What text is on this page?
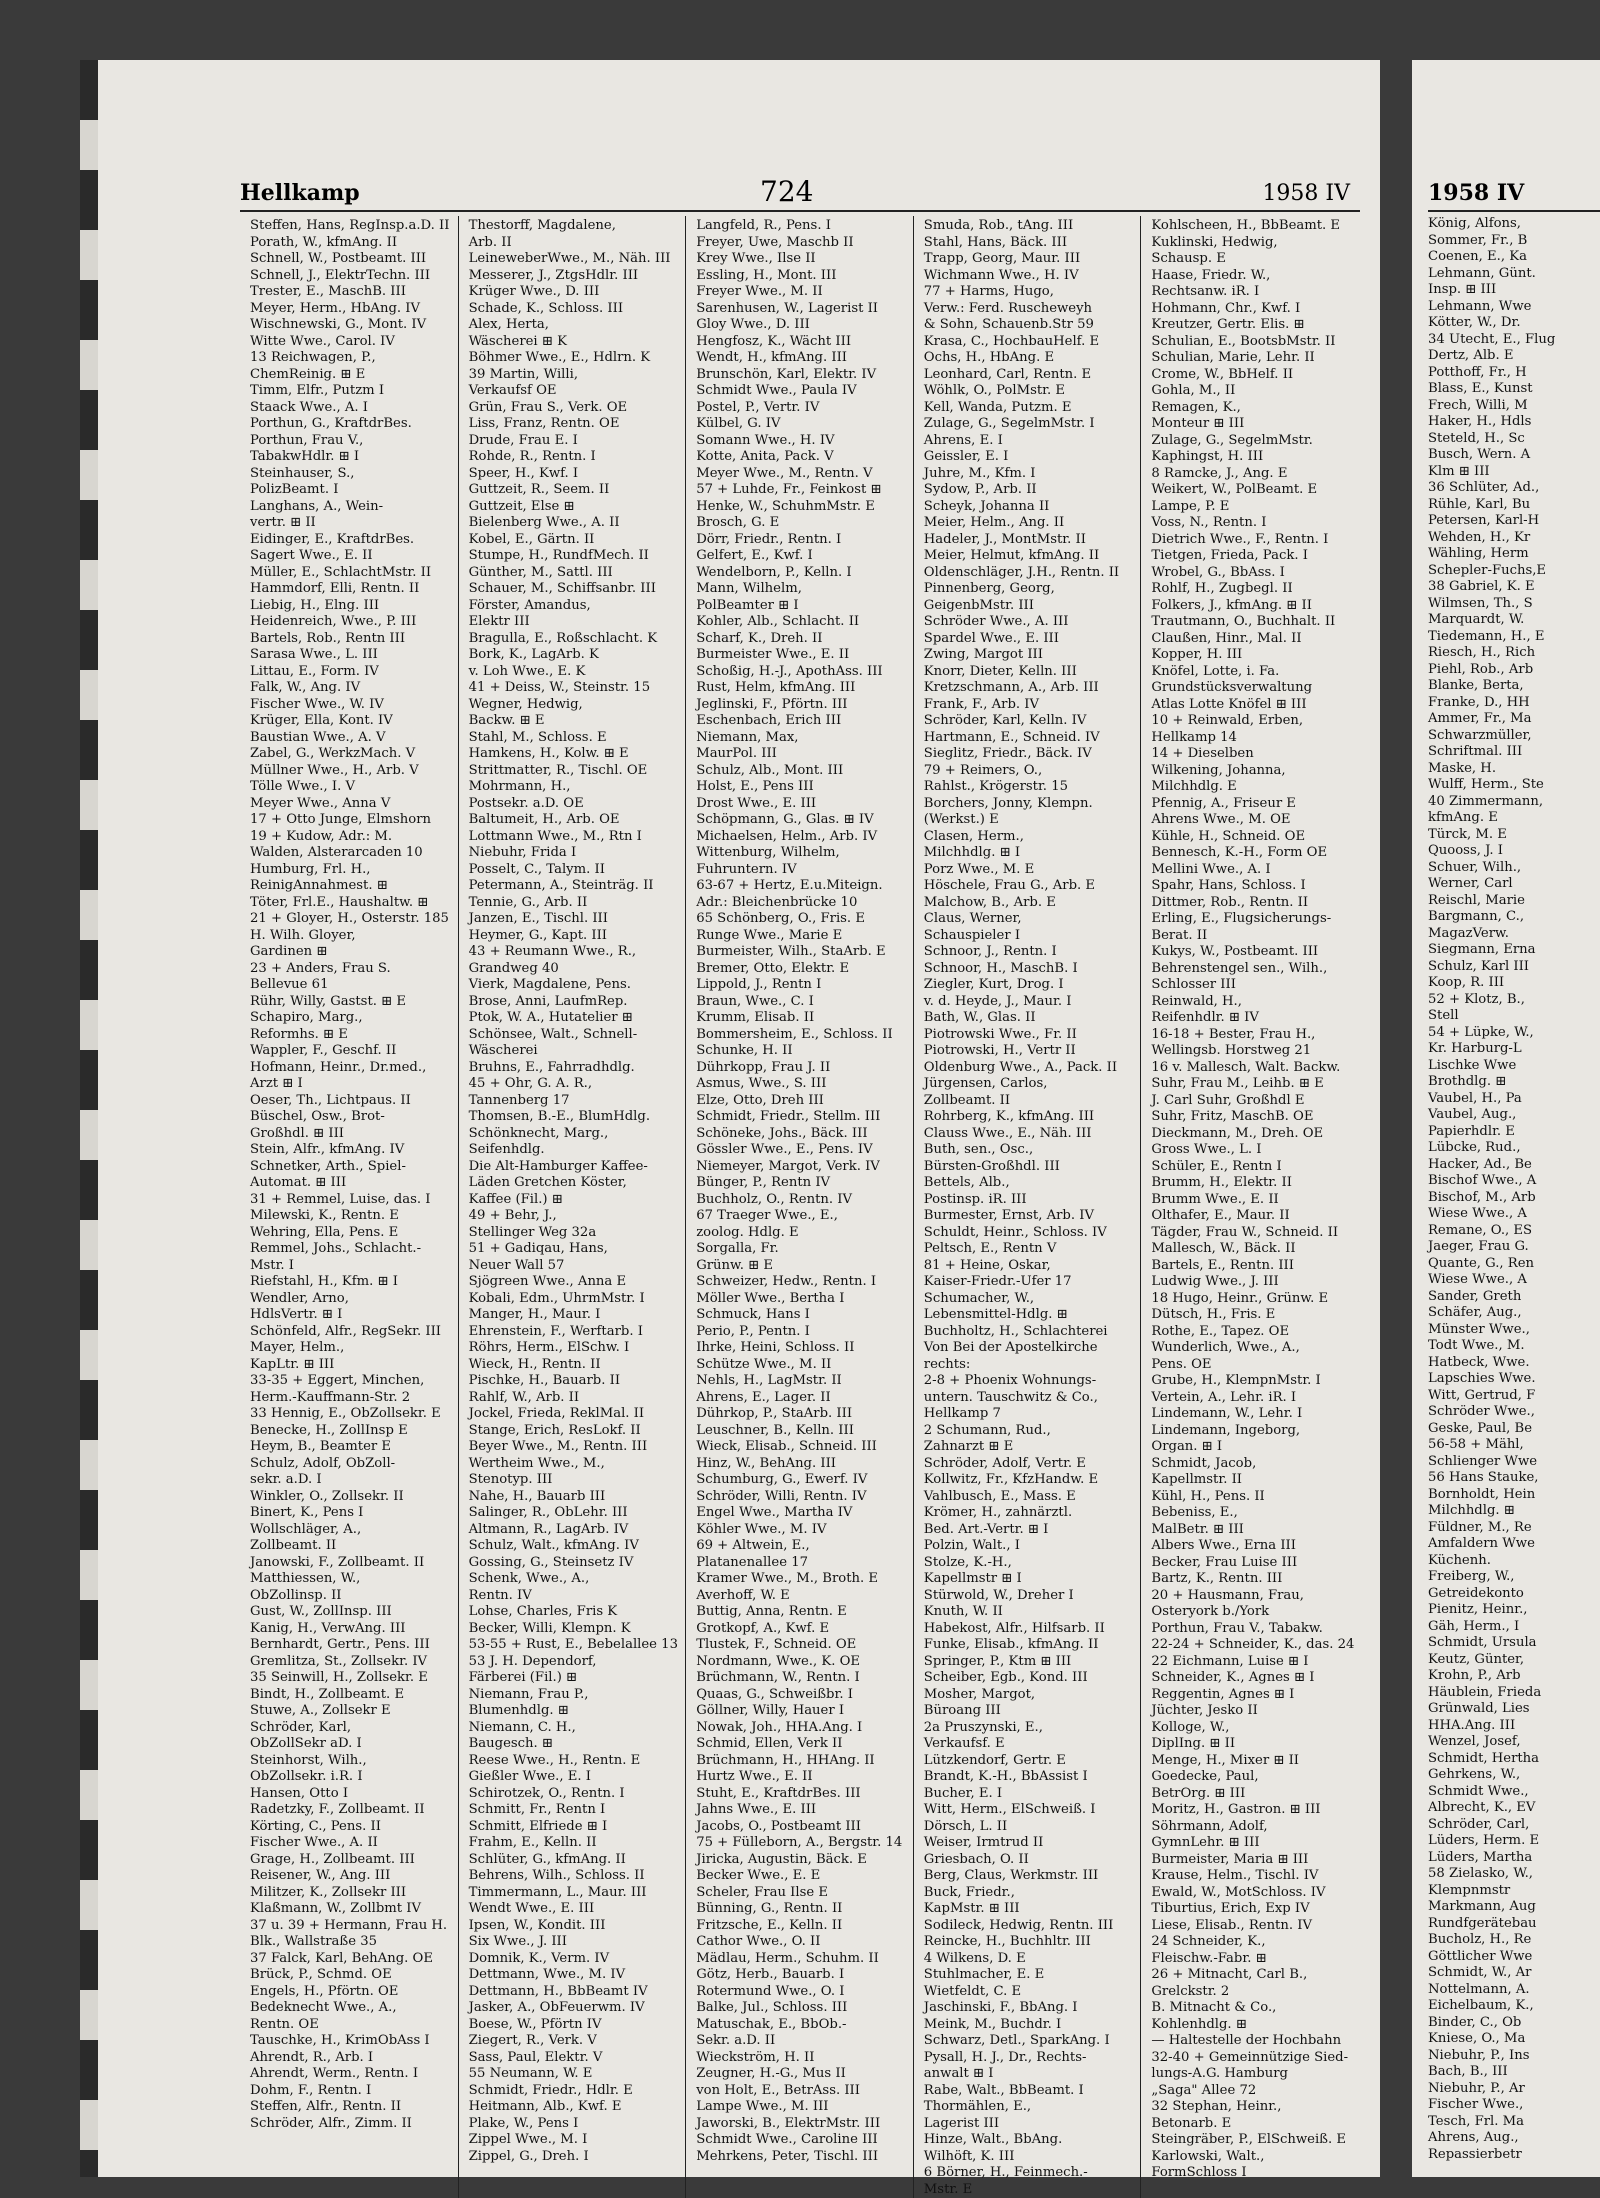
Hellkamp	724	1958 IV
Steffen, Hans, RegInsp.a.D. II
Porath, W., kfmAng. II
Schnell, W., Postbeamt. III
Schnell, J., ElektrTechn. III
Trester, E., MaschB. III
Meyer, Herm., HbAng. IV
Wischnewski, G., Mont. IV
Witte Wwe., Carol. IV
13 Reichwagen, P.,
ChemReinig. ⊞ E
Timm, Elfr., Putzm I
Staack Wwe., A. I
Porthun, G., KraftdrBes.
Porthun, Frau V.,
TabakwHdlr. ⊞ I
Steinhauser, S.,
PolizBeamt. I
Langhans, A., Wein-
vertr. ⊞ II
Eidinger, E., KraftdrBes.
Sagert Wwe., E. II
Müller, E., SchlachtMstr. II
Hammdorf, Elli, Rentn. II
Liebig, H., Elng. III
Heidenreich, Wwe., P. III
Bartels, Rob., Rentn III
Sarasa Wwe., L. III
Littau, E., Form. IV
Falk, W., Ang. IV
Fischer Wwe., W. IV
Krüger, Ella, Kont. IV
Baustian Wwe., A. V
Zabel, G., WerkzMach. V
Müllner Wwe., H., Arb. V
Tölle Wwe., I. V
Meyer Wwe., Anna V
17 + Otto Junge, Elmshorn
19 + Kudow, Adr.: M.
Walden, Alsterarcaden 10
Humburg, Frl. H.,
ReinigAnnahmest. ⊞
Töter, Frl.E., Haushaltw. ⊞
21 + Gloyer, H., Osterstr. 185
H. Wilh. Gloyer,
Gardinen ⊞
23 + Anders, Frau S.
Bellevue 61
Rühr, Willy, Gastst. ⊞ E
Schapiro, Marg.,
Reformhs. ⊞ E
Wappler, F., Geschf. II
Hofmann, Heinr., Dr.med.,
Arzt ⊞ I
Oeser, Th., Lichtpaus. II
Büschel, Osw., Brot-
Großhdl. ⊞ III
Stein, Alfr., kfmAng. IV
Schnetker, Arth., Spiel-
Automat. ⊞ III
31 + Remmel, Luise, das. I
Milewski, K., Rentn. E
Wehring, Ella, Pens. E
Remmel, Johs., Schlacht.-
Mstr. I
Riefstahl, H., Kfm. ⊞ I
Wendler, Arno,
HdlsVertr. ⊞ I
Schönfeld, Alfr., RegSekr. III
Mayer, Helm.,
KapLtr. ⊞ III
33-35 + Eggert, Minchen,
Herm.-Kauffmann-Str. 2
33 Hennig, E., ObZollsekr. E
Benecke, H., ZollInsp E
Heym, B., Beamter E
Schulz, Adolf, ObZoll-
sekr. a.D. I
Winkler, O., Zollsekr. II
Binert, K., Pens I
Wollschläger, A.,
Zollbeamt. II
Janowski, F., Zollbeamt. II
Matthiessen, W.,
ObZollinsp. II
Gust, W., ZollInsp. III
Kanig, H., VerwAng. III
Bernhardt, Gertr., Pens. III
Gremlitza, St., Zollsekr. IV
35 Seinwill, H., Zollsekr. E
Bindt, H., Zollbeamt. E
Stuwe, A., Zollsekr E
Schröder, Karl,
ObZollSekr aD. I
Steinhorst, Wilh.,
ObZollsekr. i.R. I
Hansen, Otto I
Radetzky, F., Zollbeamt. II
Körting, C., Pens. II
Fischer Wwe., A. II
Grage, H., Zollbeamt. III
Reisener, W., Ang. III
Militzer, K., Zollsekr III
Klaßmann, W., Zollbmt IV
37 u. 39 + Hermann, Frau H.
Blk., Wallstraße 35
37 Falck, Karl, BehAng. OE
Brück, P., Schmd. OE
Engels, H., Pförtn. OE
Bedeknecht Wwe., A.,
Rentn. OE
Tauschke, H., KrimObAss I
Ahrendt, R., Arb. I
Ahrendt, Werm., Rentn. I
Dohm, F., Rentn. I
Steffen, Alfr., Rentn. II
Schröder, Alfr., Zimm. II
Thestorff, Magdalene,
Arb. II
LeineweberWwe., M., Näh. III
Messerer, J., ZtgsHdlr. III
Krüger Wwe., D. III
Schade, K., Schloss. III
Alex, Herta,
Wäscherei ⊞ K
Böhmer Wwe., E., Hdlrn. K
39 Martin, Willi,
Verkaufsf OE
Grün, Frau S., Verk. OE
Liss, Franz, Rentn. OE
Drude, Frau E. I
Rohde, R., Rentn. I
Speer, H., Kwf. I
Guttzeit, R., Seem. II
Guttzeit, Else ⊞
Bielenberg Wwe., A. II
Kobel, E., Gärtn. II
Stumpe, H., RundfMech. II
Günther, M., Sattl. III
Schauer, M., Schiffsanbr. III
Förster, Amandus,
Elektr III
Bragulla, E., Roßschlacht. K
Bork, K., LagArb. K
v. Loh Wwe., E. K
41 + Deiss, W., Steinstr. 15
Wegner, Hedwig,
Backw. ⊞ E
Stahl, M., Schloss. E
Hamkens, H., Kolw. ⊞ E
Strittmatter, R., Tischl. OE
Mohrmann, H.,
Postsekr. a.D. OE
Baltumeit, H., Arb. OE
Lottmann Wwe., M., Rtn I
Niebuhr, Frida I
Posselt, C., Talym. II
Petermann, A., Steinträg. II
Tennie, G., Arb. II
Janzen, E., Tischl. III
Heymer, G., Kapt. III
43 + Reumann Wwe., R.,
Grandweg 40
Vierk, Magdalene, Pens.
Brose, Anni, LaufmRep.
Ptok, W. A., Hutatelier ⊞
Schönsee, Walt., Schnell-
Wäscherei
Bruhns, E., Fahrradhdlg.
45 + Ohr, G. A. R.,
Tannenberg 17
Thomsen, B.-E., BlumHdlg.
Schönknecht, Marg.,
Seifenhdlg.
Die Alt-Hamburger Kaffee-
Läden Gretchen Köster,
Kaffee (Fil.) ⊞
49 + Behr, J.,
Stellinger Weg 32a
51 + Gadiqau, Hans,
Neuer Wall 57
Sjögreen Wwe., Anna E
Kobali, Edm., UhrmMstr. I
Manger, H., Maur. I
Ehrenstein, F., Werftarb. I
Röhrs, Herm., ElSchw. I
Wieck, H., Rentn. II
Pischke, H., Bauarb. II
Rahlf, W., Arb. II
Jockel, Frieda, ReklMal. II
Stange, Erich, ResLokf. II
Beyer Wwe., M., Rentn. III
Wertheim Wwe., M.,
Stenotyp. III
Nahe, H., Bauarb III
Salinger, R., ObLehr. III
Altmann, R., LagArb. IV
Schulz, Walt., kfmAng. IV
Gossing, G., Steinsetz IV
Schenk, Wwe., A.,
Rentn. IV
Lohse, Charles, Fris K
Becker, Willi, Klempn. K
53-55 + Rust, E., Bebelallee 13
53 J. H. Dependorf,
Färberei (Fil.) ⊞
Niemann, Frau P.,
Blumenhdlg. ⊞
Niemann, C. H.,
Baugesch. ⊞
Reese Wwe., H., Rentn. E
Gießler Wwe., E. I
Schirotzek, O., Rentn. I
Schmitt, Fr., Rentn I
Schmitt, Elfriede ⊞ I
Frahm, E., Kelln. II
Schlüter, G., kfmAng. II
Behrens, Wilh., Schloss. II
Timmermann, L., Maur. III
Wendt Wwe., E. III
Ipsen, W., Kondit. III
Six Wwe., J. III
Domnik, K., Verm. IV
Dettmann, Wwe., M. IV
Dettmann, H., BbBeamt IV
Jasker, A., ObFeuerwm. IV
Boese, W., Pförtn IV
Ziegert, R., Verk. V
Sass, Paul, Elektr. V
55 Neumann, W. E
Schmidt, Friedr., Hdlr. E
Heitmann, Alb., Kwf. E
Plake, W., Pens I
Zippel Wwe., M. I
Zippel, G., Dreh. I
Langfeld, R., Pens. I
Freyer, Uwe, Maschb II
Krey Wwe., Ilse II
Essling, H., Mont. III
Freyer Wwe., M. II
Sarenhusen, W., Lagerist II
Gloy Wwe., D. III
Hengfosz, K., Wächt III
Wendt, H., kfmAng. III
Brunschön, Karl, Elektr. IV
Schmidt Wwe., Paula IV
Postel, P., Vertr. IV
Külbel, G. IV
Somann Wwe., H. IV
Kotte, Anita, Pack. V
Meyer Wwe., M., Rentn. V
57 + Luhde, Fr., Feinkost ⊞
Henke, W., SchuhmMstr. E
Brosch, G. E
Dörr, Friedr., Rentn. I
Gelfert, E., Kwf. I
Wendelborn, P., Kelln. I
Mann, Wilhelm,
PolBeamter ⊞ I
Kohler, Alb., Schlacht. II
Scharf, K., Dreh. II
Burmeister Wwe., E. II
Schoßig, H.-J., ApothAss. III
Rust, Helm, kfmAng. III
Jeglinski, F., Pförtn. III
Eschenbach, Erich III
Niemann, Max,
MaurPol. III
Schulz, Alb., Mont. III
Holst, E., Pens III
Drost Wwe., E. III
Schöpmann, G., Glas. ⊞ IV
Michaelsen, Helm., Arb. IV
Wittenburg, Wilhelm,
Fuhruntern. IV
63-67 + Hertz, E.u.Miteign.
Adr.: Bleichenbrücke 10
65 Schönberg, O., Fris. E
Runge Wwe., Marie E
Burmeister, Wilh., StaArb. E
Bremer, Otto, Elektr. E
Lippold, J., Rentn I
Braun, Wwe., C. I
Krumm, Elisab. II
Bommersheim, E., Schloss. II
Schunke, H. II
Dührkopp, Frau J. II
Asmus, Wwe., S. III
Elze, Otto, Dreh III
Schmidt, Friedr., Stellm. III
Schöneke, Johs., Bäck. III
Gössler Wwe., E., Pens. IV
Niemeyer, Margot, Verk. IV
Bünger, P., Rentn IV
Buchholz, O., Rentn. IV
67 Traeger Wwe., E.,
zoolog. Hdlg. E
Sorgalla, Fr.
Grünw. ⊞ E
Schweizer, Hedw., Rentn. I
Möller Wwe., Bertha I
Schmuck, Hans I
Perio, P., Pentn. I
Ihrke, Heini, Schloss. II
Schütze Wwe., M. II
Nehls, H., LagMstr. II
Ahrens, E., Lager. II
Dührkop, P., StaArb. III
Leuschner, B., Kelln. III
Wieck, Elisab., Schneid. III
Hinz, W., BehAng. III
Schumburg, G., Ewerf. IV
Schröder, Willi, Rentn. IV
Engel Wwe., Martha IV
Köhler Wwe., M. IV
69 + Altwein, E.,
Platanenallee 17
Kramer Wwe., M., Broth. E
Averhoff, W. E
Buttig, Anna, Rentn. E
Grotkopf, A., Kwf. E
Tlustek, F., Schneid. OE
Nordmann, Wwe., K. OE
Brüchmann, W., Rentn. I
Quaas, G., Schweißbr. I
Göllner, Willy, Hauer I
Nowak, Joh., HHA.Ang. I
Schmid, Ellen, Verk II
Brüchmann, H., HHAng. II
Hurtz Wwe., E. II
Stuht, E., KraftdrBes. III
Jahns Wwe., E. III
Jacobs, O., Postbeamt III
75 + Fülleborn, A., Bergstr. 14
Jiricka, Augustin, Bäck. E
Becker Wwe., E. E
Scheler, Frau Ilse E
Bünning, G., Rentn. II
Fritzsche, E., Kelln. II
Cathor Wwe., O. II
Mädlau, Herm., Schuhm. II
Götz, Herb., Bauarb. I
Rotermund Wwe., O. I
Balke, Jul., Schloss. III
Matuschak, E., BbOb.-
Sekr. a.D. II
Wieckström, H. II
Zeugner, H.-G., Mus II
von Holt, E., BetrAss. III
Lampe Wwe., M. III
Jaworski, B., ElektrMstr. III
Schmidt Wwe., Caroline III
Mehrkens, Peter, Tischl. III
Smuda, Rob., tAng. III
Stahl, Hans, Bäck. III
Trapp, Georg, Maur. III
Wichmann Wwe., H. IV
77 + Harms, Hugo,
Verw.: Ferd. Ruscheweyh
& Sohn, Schauenb.Str 59
Krasa, C., HochbauHelf. E
Ochs, H., HbAng. E
Leonhard, Carl, Rentn. E
Wöhlk, O., PolMstr. E
Kell, Wanda, Putzm. E
Zulage, G., SegelmMstr. I
Ahrens, E. I
Geissler, E. I
Juhre, M., Kfm. I
Sydow, P., Arb. II
Scheyk, Johanna II
Meier, Helm., Ang. II
Hadeler, J., MontMstr. II
Meier, Helmut, kfmAng. II
Oldenschläger, J.H., Rentn. II
Pinnenberg, Georg,
GeigenbMstr. III
Schröder Wwe., A. III
Spardel Wwe., E. III
Zwing, Margot III
Knorr, Dieter, Kelln. III
Kretzschmann, A., Arb. III
Frank, F., Arb. IV
Schröder, Karl, Kelln. IV
Hartmann, E., Schneid. IV
Sieglitz, Friedr., Bäck. IV
79 + Reimers, O.,
Rahlst., Krögerstr. 15
Borchers, Jonny, Klempn.
(Werkst.) E
Clasen, Herm.,
Milchhdlg. ⊞ I
Porz Wwe., M. E
Höschele, Frau G., Arb. E
Malchow, B., Arb. E
Claus, Werner,
Schauspieler I
Schnoor, J., Rentn. I
Schnoor, H., MaschB. I
Ziegler, Kurt, Drog. I
v. d. Heyde, J., Maur. I
Bath, W., Glas. II
Piotrowski Wwe., Fr. II
Piotrowski, H., Vertr II
Oldenburg Wwe., A., Pack. II
Jürgensen, Carlos,
Zollbeamt. II
Rohrberg, K., kfmAng. III
Clauss Wwe., E., Näh. III
Buth, sen., Osc.,
Bürsten-Großhdl. III
Bettels, Alb.,
Postinsp. iR. III
Burmester, Ernst, Arb. IV
Schuldt, Heinr., Schloss. IV
Peltsch, E., Rentn V
81 + Heine, Oskar,
Kaiser-Friedr.-Ufer 17
Schumacher, W.,
Lebensmittel-Hdlg. ⊞
Buchholtz, H., Schlachterei
Von Bei der Apostelkirche
rechts:
2-8 + Phoenix Wohnungs-
untern. Tauschwitz & Co.,
Hellkamp 7
2 Schumann, Rud.,
Zahnarzt ⊞ E
Schröder, Adolf, Vertr. E
Kollwitz, Fr., KfzHandw. E
Vahlbusch, E., Mass. E
Krömer, H., zahnärztl.
Bed. Art.-Vertr. ⊞ I
Polzin, Walt., I
Stolze, K.-H.,
Kapellmstr ⊞ I
Stürwold, W., Dreher I
Knuth, W. II
Habekost, Alfr., Hilfsarb. II
Funke, Elisab., kfmAng. II
Springer, P., Ktm ⊞ III
Scheiber, Egb., Kond. III
Mosher, Margot,
Büroang III
2a Pruszynski, E.,
Verkaufsf. E
Lützkendorf, Gertr. E
Brandt, K.-H., BbAssist I
Bucher, E. I
Witt, Herm., ElSchweiß. I
Dörsch, L. II
Weiser, Irmtrud II
Griesbach, O. II
Berg, Claus, Werkmstr. III
Buck, Friedr.,
KapMstr. ⊞ III
Sodileck, Hedwig, Rentn. III
Reincke, H., Buchhltr. III
4 Wilkens, D. E
Stuhlmacher, E. E
Wietfeldt, C. E
Jaschinski, F., BbAng. I
Meink, M., Buchdr. I
Schwarz, Detl., SparkAng. I
Pysall, H. J., Dr., Rechts-
anwalt ⊞ I
Rabe, Walt., BbBeamt. I
Thormählen, E.,
Lagerist III
Hinze, Walt., BbAng.
Wilhöft, K. III
6 Börner, H., Feinmech.-
Mstr. E
Kohlscheen, H., BbBeamt. E
Kuklinski, Hedwig,
Schausp. E
Haase, Friedr. W.,
Rechtsanw. iR. I
Hohmann, Chr., Kwf. I
Kreutzer, Gertr. Elis. ⊞
Schulian, E., BootsbMstr. II
Schulian, Marie, Lehr. II
Crome, W., BbHelf. II
Gohla, M., II
Remagen, K.,
Monteur ⊞ III
Zulage, G., SegelmMstr.
Kaphingst, H. III
8 Ramcke, J., Ang. E
Weikert, W., PolBeamt. E
Lampe, P. E
Voss, N., Rentn. I
Dietrich Wwe., F., Rentn. I
Tietgen, Frieda, Pack. I
Wrobel, G., BbAss. I
Rohlf, H., Zugbegl. II
Folkers, J., kfmAng. ⊞ II
Trautmann, O., Buchhalt. II
Claußen, Hinr., Mal. II
Kopper, H. III
Knöfel, Lotte, i. Fa.
Grundstücksverwaltung
Atlas Lotte Knöfel ⊞ III
10 + Reinwald, Erben,
Hellkamp 14
14 + Dieselben
Wilkening, Johanna,
Milchhdlg. E
Pfennig, A., Friseur E
Ahrens Wwe., M. OE
Kühle, H., Schneid. OE
Bennesch, K.-H., Form OE
Mellini Wwe., A. I
Spahr, Hans, Schloss. I
Dittmer, Rob., Rentn. II
Erling, E., Flugsicherungs-
Berat. II
Kukys, W., Postbeamt. III
Behrenstengel sen., Wilh.,
Schlosser III
Reinwald, H.,
Reifenhdlr. ⊞ IV
16-18 + Bester, Frau H.,
Wellingsb. Horstweg 21
16 v. Mallesch, Walt. Backw.
Suhr, Frau M., Leihb. ⊞ E
J. Carl Suhr, Großhdl E
Suhr, Fritz, MaschB. OE
Dieckmann, M., Dreh. OE
Gross Wwe., L. I
Schüler, E., Rentn I
Brumm, H., Elektr. II
Brumm Wwe., E. II
Olthafer, E., Maur. II
Tägder, Frau W., Schneid. II
Mallesch, W., Bäck. II
Bartels, E., Rentn. III
Ludwig Wwe., J. III
18 Hugo, Heinr., Grünw. E
Dütsch, H., Fris. E
Rothe, E., Tapez. OE
Wunderlich, Wwe., A.,
Pens. OE
Grube, H., KlempnMstr. I
Vertein, A., Lehr. iR. I
Lindemann, W., Lehr. I
Lindemann, Ingeborg,
Organ. ⊞ I
Schmidt, Jacob,
Kapellmstr. II
Kühl, H., Pens. II
Bebeniss, E.,
MalBetr. ⊞ III
Albers Wwe., Erna III
Becker, Frau Luise III
Bartz, K., Rentn. III
20 + Hausmann, Frau,
Osteryork b./York
Porthun, Frau V., Tabakw.
22-24 + Schneider, K., das. 24
22 Eichmann, Luise ⊞ I
Schneider, K., Agnes ⊞ I
Reggentin, Agnes ⊞ I
Jüchter, Jesko II
Kolloge, W.,
DiplIng. ⊞ II
Menge, H., Mixer ⊞ II
Goedecke, Paul,
BetrOrg. ⊞ III
Moritz, H., Gastron. ⊞ III
Söhrmann, Adolf,
GymnLehr. ⊞ III
Burmeister, Maria ⊞ III
Krause, Helm., Tischl. IV
Ewald, W., MotSchloss. IV
Tiburtius, Erich, Exp IV
Liese, Elisab., Rentn. IV
24 Schneider, K.,
Fleischw.-Fabr. ⊞
26 + Mitnacht, Carl B.,
Grelckstr. 2
B. Mitnacht & Co.,
Kohlenhdlg. ⊞
— Haltestelle der Hochbahn
32-40 + Gemeinnützige Sied-
lungs-A.G. Hamburg
„Saga" Allee 72
32 Stephan, Heinr.,
Betonarb. E
Steingräber, P., ElSchweiß. E
Karlowski, Walt.,
FormSchloss I
1958 IV
König, Alfons,
Sommer, Fr., B
Coenen, E., Ka
Lehmann, Günt.
Insp. ⊞ III
Lehmann, Wwe
Kötter, W., Dr.
34 Utecht, E., Flug
Dertz, Alb. E
Potthoff, Fr., H
Blass, E., Kunst
Frech, Willi, M
Haker, H., Hdls
Steteld, H., Sc
Busch, Wern. A
Klm ⊞ III
36 Schlüter, Ad.,
Rühle, Karl, Bu
Petersen, Karl-H
Wehden, H., Kr
Wähling, Herm
Schepler-Fuchs,E
38 Gabriel, K. E
Wilmsen, Th., S
Marquardt, W.
Tiedemann, H., E
Riesch, H., Rich
Piehl, Rob., Arb
Blanke, Berta,
Franke, D., HH
Ammer, Fr., Ma
Schwarzmüller,
Schriftmal. III
Maske, H.
Wulff, Herm., Ste
40 Zimmermann,
kfmAng. E
Türck, M. E
Quooss, J. I
Schuer, Wilh.,
Werner, Carl
Reischl, Marie
Bargmann, C.,
MagazVerw.
Siegmann, Erna
Schulz, Karl III
Koop, R. III
52 + Klotz, B.,
Stell
54 + Lüpke, W.,
Kr. Harburg-L
Lischke Wwe
Brothdlg. ⊞
Vaubel, H., Pa
Vaubel, Aug.,
Papierhdlr. E
Lübcke, Rud.,
Hacker, Ad., Be
Bischof Wwe., A
Bischof, M., Arb
Wiese Wwe., A
Remane, O., ES
Jaeger, Frau G.
Quante, G., Ren
Wiese Wwe., A
Sander, Greth
Schäfer, Aug.,
Münster Wwe.,
Todt Wwe., M.
Hatbeck, Wwe.
Lapschies Wwe.
Witt, Gertrud, F
Schröder Wwe.,
Geske, Paul, Be
56-58 + Mähl,
Schlienger Wwe
56 Hans Stauke,
Bornholdt, Hein
Milchhdlg. ⊞
Füldner, M., Re
Amfaldern Wwe
Küchenh.
Freiberg, W.,
Getreidekonto
Pienitz, Heinr.,
Gäh, Herm., I
Schmidt, Ursula
Keutz, Günter,
Krohn, P., Arb
Häublein, Frieda
Grünwald, Lies
HHA.Ang. III
Wenzel, Josef,
Schmidt, Hertha
Gehrkens, W.,
Schmidt Wwe.,
Albrecht, K., EV
Schröder, Carl,
Lüders, Herm. E
Lüders, Martha
58 Zielasko, W.,
Klempnmstr
Markmann, Aug
Rundfgerätebau
Bucholz, H., Re
Göttlicher Wwe
Schmidt, W., Ar
Nottelmann, A.
Eichelbaum, K.,
Binder, C., Ob
Kniese, O., Ma
Niebuhr, P., Ins
Bach, B., III
Niebuhr, P., Ar
Fischer Wwe.,
Tesch, Frl. Ma
Ahrens, Aug.,
Repassierbetr
